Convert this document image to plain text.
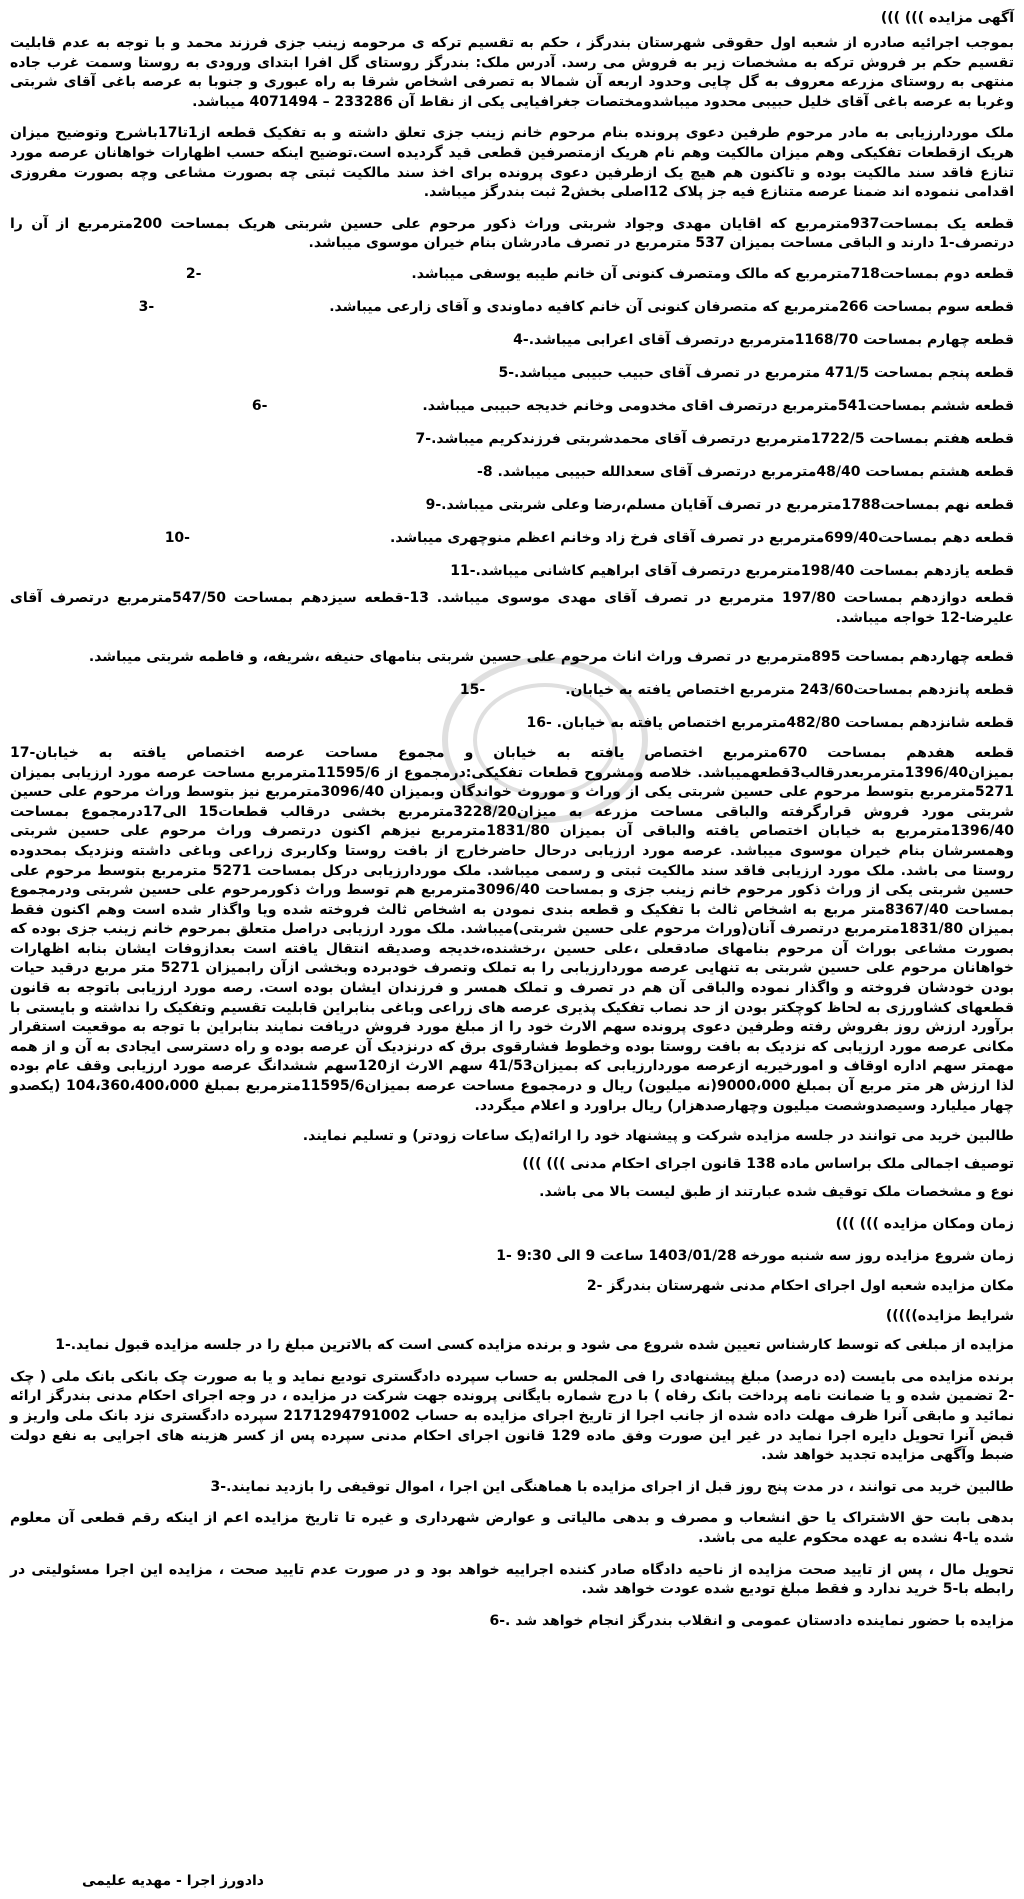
آگهی مزایده ))) )))

بموجب اجرائیه صادره از شعبه اول حقوقی شهرستان بندرگز ، حکم به تقسیم ترکه ی مرحومه زینب جزی فرزند محمد و با توجه به عدم قابلیت تقسیم حکم بر فروش ترکه به مشخصات زیر به فروش می رسد. آدرس ملک: بندرگز روستای گل افرا ابتدای ورودی به روستا وسمت غرب جاده منتهی به روستای مزرعه معروف به گل چایی وحدود اربعه آن شمالا به تصرفی اشخاص شرقا به راه عبوری و جنوبا به عرصه باغی آقای شربتی وغربا به عرصه باغی آقای خلیل حبیبی محدود میباشدومختصات جغرافیایی یکی از نقاط آن 233286 – 4071494 میباشد.

ملک موردارزیابی به مادر مرحوم طرفین دعوی پرونده بنام مرحوم خانم زینب جزی تعلق داشته و به تفکیک قطعه از1تا17باشرح وتوضیح میزان هریک ازقطعات تفکیکی وهم میزان مالکیت وهم نام هریک ازمتصرفین قطعی قید گردیده است.توضیح اینکه حسب اظهارات خواهانان عرصه مورد تنازع فاقد سند مالکیت بوده و تاکنون هم هیچ یک ازطرفین دعوی پرونده برای اخذ سند مالکیت ثبتی چه بصورت مشاعی وچه بصورت مفروزی اقدامی ننموده اند ضمنا عرصه متنازع فیه جز پلاک 12اصلی بخش2 ثبت بندرگز میباشد.

قطعه یک بمساحت937مترمربع که اقایان مهدی وجواد شربتی وراث ذکور مرحوم علی حسین شربتی هریک بمساحت 200مترمربع از آن را درتصرف-1 دارند و الباقی مساحت بمیزان 537 مترمربع در تصرف مادرشان بنام خیران موسوی میباشد.

قطعه دوم بمساحت718مترمربع که مالک ومتصرف کنونی آن خانم طیبه یوسفی میباشد.
-2
قطعه سوم بمساحت 266مترمربع که متصرفان کنونی آن خانم کافیه دماوندی و آقای زارعی میباشد.
-3
قطعه چهارم بمساحت 1168/70مترمربع درتصرف آقای اعرابی میباشد.-4
قطعه پنجم بمساحت 471/5 مترمربع در تصرف آقای حبیب حبیبی میباشد.-5
قطعه ششم بمساحت541مترمربع درتصرف اقای مخدومی وخانم خدیجه حبیبی میباشد.
-6
قطعه هفتم بمساحت 1722/5مترمربع درتصرف آقای محمدشربتی فرزندکریم میباشد.-7
قطعه هشتم بمساحت 48/40مترمربع درتصرف آقای سعدالله حبیبی میباشد. 8-
قطعه نهم بمساحت1788مترمربع در تصرف آقایان مسلم،رضا وعلی شربتی میباشد.-9
قطعه دهم بمساحت699/40مترمربع در تصرف آقای فرخ زاد وخانم اعظم منوچهری میباشد.
-10
قطعه یازدهم بمساحت 198/40مترمربع درتصرف آقای ابراهیم کاشانی میباشد.-11

قطعه دوازدهم بمساحت 197/80 مترمربع در تصرف آقای مهدی موسوی میباشد. 13-قطعه سیزدهم بمساحت 547/50مترمربع درتصرف آقای علیرضا-12 خواجه میباشد.

قطعه چهاردهم بمساحت 895مترمربع در تصرف وراث اناث مرحوم علی حسین شربتی بنامهای حنیفه ،شریفه، و فاطمه شربتی میباشد.
قطعه پانزدهم بمساحت243/60 مترمربع اختصاص یافته به خیابان.
-15
قطعه شانزدهم بمساحت 482/80مترمربع اختصاص یافته به خیابان. -16

قطعه هفدهم بمساحت 670مترمربع اختصاص یافته به خیابان و مجموع مساحت عرصه اختصاص یافته به خیابان-17 بمیزان1396/40مترمربعدرقالب3قطعهمیباشد. خلاصه ومشروح قطعات تفکیکی:درمجموع از 11595/6مترمربع مساحت عرصه مورد ارزیابی بمیزان 5271مترمربع بتوسط مرحوم علی حسین شربتی یکی از وراث و موروث خواندگان وبمیزان 3096/40مترمربع نیز بتوسط وراث مرحوم علی حسین شربتی مورد فروش قرارگرفته والباقی مساحت مزرعه به میزان3228/20مترمربع بخشی درقالب قطعات15 الی17درمجموع بمساحت 1396/40مترمربع به خیابان اختصاص یافته والباقی آن بمیزان 1831/80مترمربع نیزهم اکنون درتصرف وراث مرحوم علی حسین شربتی وهمسرشان بنام خیران موسوی میباشد. عرصه مورد ارزیابی درحال حاضرخارج از بافت روستا وکاربری زراعی وباغی داشته ونزدیک بمحدوده روستا می باشد. ملک مورد ارزیابی فاقد سند مالکیت ثبتی و رسمی میباشد. ملک موردارزیابی درکل بمساحت 5271 مترمربع بتوسط مرحوم علی حسین شربتی یکی از وراث ذکور مرحوم خانم زینب جزی و بمساحت 3096/40مترمربع هم توسط وراث ذکورمرحوم علی حسین شربتی ودرمجموع بمساحت 8367/40متر مربع به اشخاص ثالث با تفکیک و قطعه بندی نمودن به اشخاص ثالث فروخته شده ویا واگذار شده است وهم اکنون فقط بمیزان 1831/80مترمربع درتصرف آنان(وراث مرحوم علی حسین شربتی)میباشد. ملک مورد ارزیابی دراصل متعلق بمرحوم خانم زینب جزی بوده که بصورت مشاعی بوراث آن مرحوم بنامهای صادقعلی ،علی حسین ،رخشنده،خدیجه وصدیقه انتقال یافته است بعدازوفات ایشان بنابه اظهارات خواهانان مرحوم علی حسین شربتی به تنهایی عرصه موردارزیابی را به تملک وتصرف خودبرده وبخشی ازآن رابمیزان 5271 متر مربع درقید حیات بودن خودشان فروخته و واگذار نموده والباقی آن هم در تصرف و تملک همسر و فرزندان ایشان بوده است. رصه مورد ارزیابی باتوجه به قانون قطعهای کشاورزی به لحاظ کوچکتر بودن از حد نصاب تفکیک پذیری عرصه های زراعی وباغی بنابراین قابلیت تقسیم وتفکیک را نداشته و بایستی با برآورد ارزش روز بفروش رفته وطرفین دعوی پرونده سهم الارث خود را از مبلغ مورد فروش دریافت نمایند بنابراین با توجه به موقعیت استقرار مکانی عرصه مورد ارزیابی که نزدیک به بافت روستا بوده وخطوط فشارقوی برق که درنزدیک آن عرصه بوده و راه دسترسی ایجادی به آن و از همه مهمتر سهم اداره اوقاف و امورخیریه ازعرصه موردارزیابی که بمیزان41/53 سهم الارث از120سهم ششدانگ عرصه مورد ارزیابی وقف عام بوده لذا ارزش هر متر مربع آن بمبلغ 9000،000(نه میلیون) ریال و درمجموع مساحت عرصه بمیزان11595/6مترمربع بمبلغ 104،360،400،000 (یکصدو چهار میلیارد وسیصدوشصت میلیون وچهارصدهزار) ریال براورد و اعلام میگردد.

طالبین خرید می توانند در جلسه مزایده شرکت و پیشنهاد خود را ارائه(یک ساعات زودتر) و تسلیم نمایند.

توصیف اجمالی ملک براساس ماده 138 قانون اجرای احکام مدنی ))) )))

نوع و مشخصات ملک توقیف شده عبارتند از طبق لیست بالا می باشد.

زمان ومکان مزایده ))) )))

زمان شروع مزایده روز سه شنبه مورخه 1403/01/28 ساعت 9 الی 9:30 -1

مکان مزایده شعبه اول اجرای احکام مدنی شهرستان بندرگز -2

شرایط مزایده)))))

مزایده از مبلغی که توسط کارشناس تعیین شده شروع می شود و برنده مزایده کسی است که بالاترین مبلغ را در جلسه مزایده قبول نماید.-1

برنده مزایده می بایست (ده درصد) مبلغ پیشنهادی را فی المجلس به حساب سپرده دادگستری تودیع نماید و یا به صورت چک بانکی بانک ملی ( چک -2 تضمین شده و یا ضمانت نامه پرداخت بانک رفاه ) با درج شماره بایگانی پرونده جهت شرکت در مزایده ، در وجه اجرای احکام مدنی بندرگز ارائه نمائید و مابقی آنرا ظرف مهلت داده شده از جانب اجرا از تاریخ اجرای مزایده به حساب 2171294791002 سپرده دادگستری نزد بانک ملی واریز و قبض آنرا تحویل دایره اجرا نماید در غیر این صورت وفق ماده 129 قانون اجرای احکام مدنی سپرده پس از کسر هزینه های اجرایی به نفع دولت ضبط وآگهی مزایده تجدید خواهد شد.

طالبین خرید می توانند ، در مدت پنج روز قبل از اجرای مزایده با هماهنگی این اجرا ، اموال توقیفی را بازدید نمایند.-3

بدهی بابت حق الاشتراک یا حق انشعاب و مصرف و بدهی مالیاتی و عوارض شهرداری و غیره تا تاریخ مزایده اعم از اینکه رقم قطعی آن معلوم شده یا-4 نشده به عهده محکوم علیه می باشد.

تحویل مال ، پس از تایید صحت مزایده از ناحیه دادگاه صادر کننده اجراییه خواهد بود و در صورت عدم تایید صحت ، مزایده این اجرا مسئولیتی در رابطه با-5 خرید ندارد و فقط مبلغ تودیع شده عودت خواهد شد.

مزایده با حضور نماینده دادستان عمومی و انقلاب بندرگز انجام خواهد شد .-6

دادورز اجرا - مهدیه علیمی
